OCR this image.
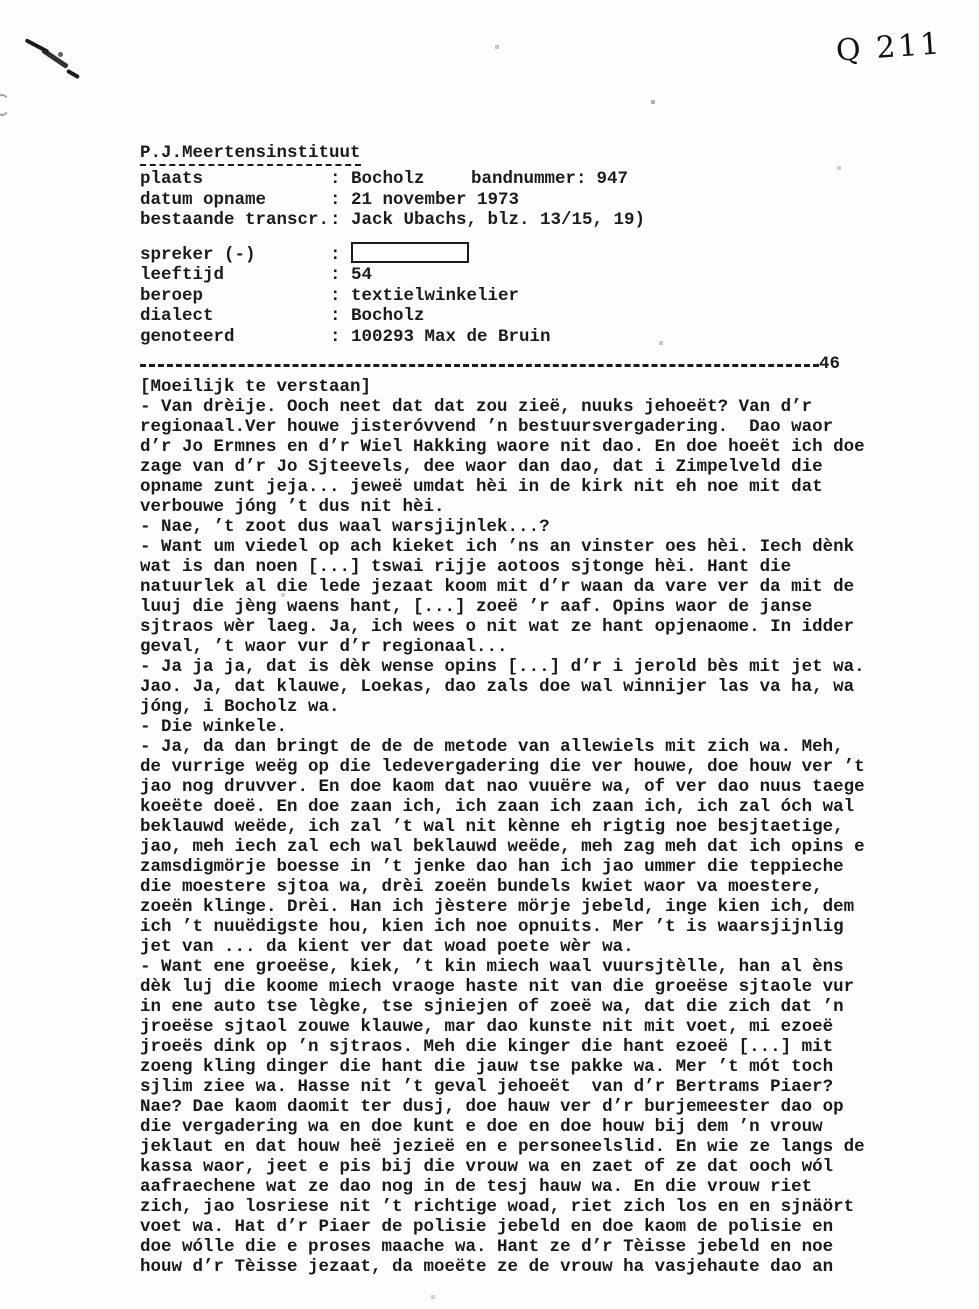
Q 211
P.J.Meertensinstituut
plaats	: Bocholz	bandnummer: 947
datum opname	: 21 november 1973
bestaande transcr. : Jack Ubachs, blz. 13/15, 19)
spreker (-)	:
leeftijd	: 54
beroep	: textielwinkelier
dialect	: Bocholz
genoteerd	: 100293 Max de Bruin
46
[Moeilijk te verstaan]
- Van drèije. Ooch neet dat dat zou zieë, nuuks jehoeët? Van d’r
regionaal.Ver houwe jisteróvvend ’n bestuursvergadering.  Dao waor
d’r Jo Ermnes en d’r Wiel Hakking waore nit dao. En doe hoeët ich doe
zage van d’r Jo Sjteevels, dee waor dan dao, dat i Zimpelveld die
opname zunt jeja... jeweë umdat hèi in de kirk nit eh noe mit dat
verbouwe jóng ’t dus nit hèi.
- Nae, ’t zoot dus waal warsjijnlek...?
- Want um viedel op ach kieket ich ’ns an vinster oes hèi. Iech dènk
wat is dan noen [...] tswai rijje aotoos sjtonge hèi. Hant die
natuurlek al die lede jezaat koom mit d’r waan da vare ver da mit de
luuj die jèng waens hant, [...] zoeë ’r aaf. Opins waor de janse
sjtraos wèr laeg. Ja, ich wees o nit wat ze hant opjenaome. In idder
geval, ’t waor vur d’r regionaal...
- Ja ja ja, dat is dèk wense opins [...] d’r i jerold bès mit jet wa.
Jao. Ja, dat klauwe, Loekas, dao zals doe wal winnijer las va ha, wa
jóng, i Bocholz wa.
- Die winkele.
- Ja, da dan bringt de de de metode van allewiels mit zich wa. Meh,
de vurrige weëg op die ledevergadering die ver houwe, doe houw ver ’t
jao nog druvver. En doe kaom dat nao vuuëre wa, of ver dao nuus taege
koeëte doeë. En doe zaan ich, ich zaan ich zaan ich, ich zal óch wal
beklauwd weëde, ich zal ’t wal nit kènne eh rigtig noe besjtaetige,
jao, meh iech zal ech wal beklauwd weëde, meh zag meh dat ich opins e
zamsdigmörje boesse in ’t jenke dao han ich jao ummer die teppieche
die moestere sjtoa wa, drèi zoeën bundels kwiet waor va moestere,
zoeën klinge. Drèi. Han ich jèstere mörje jebeld, inge kien ich, dem
ich ’t nuuëdigste hou, kien ich noe opnuits. Mer ’t is waarsjijnlig
jet van ... da kient ver dat woad poete wèr wa.
- Want ene groeëse, kiek, ’t kin miech waal vuursjtèlle, han al èns
dèk luj die koome miech vraoge haste nit van die groeëse sjtaole vur
in ene auto tse lègke, tse sjniejen of zoeë wa, dat die zich dat ’n
jroeëse sjtaol zouwe klauwe, mar dao kunste nit mit voet, mi ezoeë
jroeës dink op ’n sjtraos. Meh die kinger die hant ezoeë [...] mit
zoeng kling dinger die hant die jauw tse pakke wa. Mer ’t mót toch
sjlim ziee wa. Hasse nit ’t geval jehoeët  van d’r Bertrams Piaer?
Nae? Dae kaom daomit ter dusj, doe hauw ver d’r burjemeester dao op
die vergadering wa en doe kunt e doe en doe houw bij dem ’n vrouw
jeklaut en dat houw heë jezieë en e personeelslid. En wie ze langs de
kassa waor, jeet e pis bij die vrouw wa en zaet of ze dat ooch wól
aafraechene wat ze dao nog in de tesj hauw wa. En die vrouw riet
zich, jao losriese nit ’t richtige woad, riet zich los en en sjnäört
voet wa. Hat d’r Piaer de polisie jebeld en doe kaom de polisie en
doe wólle die e proses maache wa. Hant ze d’r Tèisse jebeld en noe
houw d’r Tèisse jezaat, da moeëte ze de vrouw ha vasjehaute dao an
